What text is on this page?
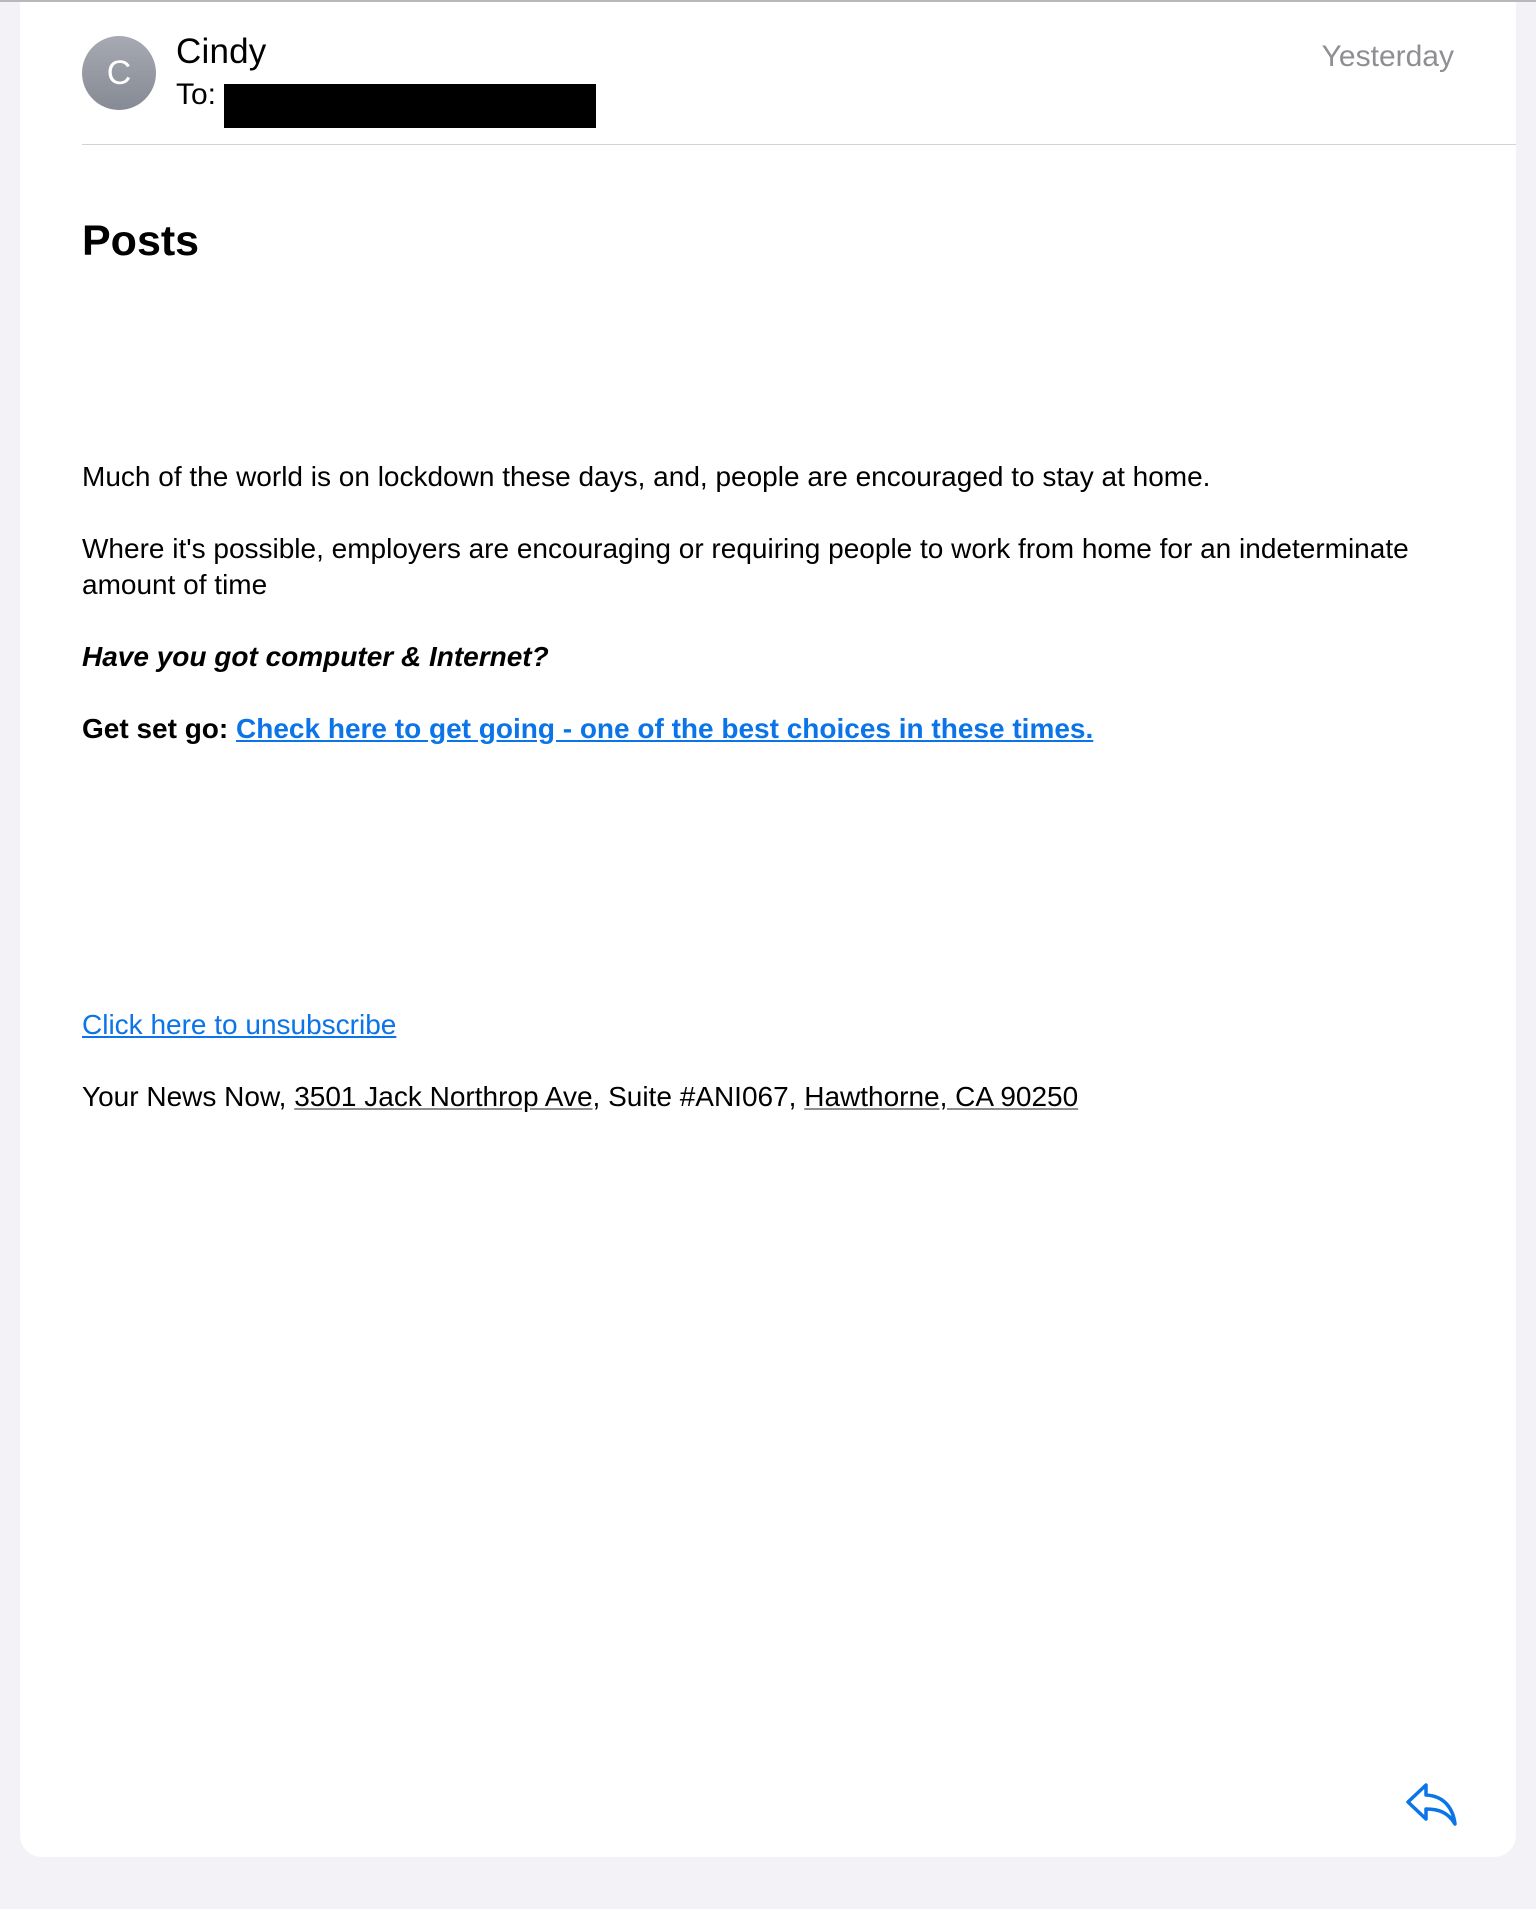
C
Cindy
To:
Yesterday
Posts

Much of the world is on lockdown these days, and, people are encouraged to stay at home.

Where it's possible, employers are encouraging or requiring people to work from home for an indeterminate amount of time

Have you got computer & Internet?

Get set go: Check here to get going - one of the best choices in these times.

Click here to unsubscribe

Your News Now, 3501 Jack Northrop Ave, Suite #ANI067, Hawthorne, CA 90250
